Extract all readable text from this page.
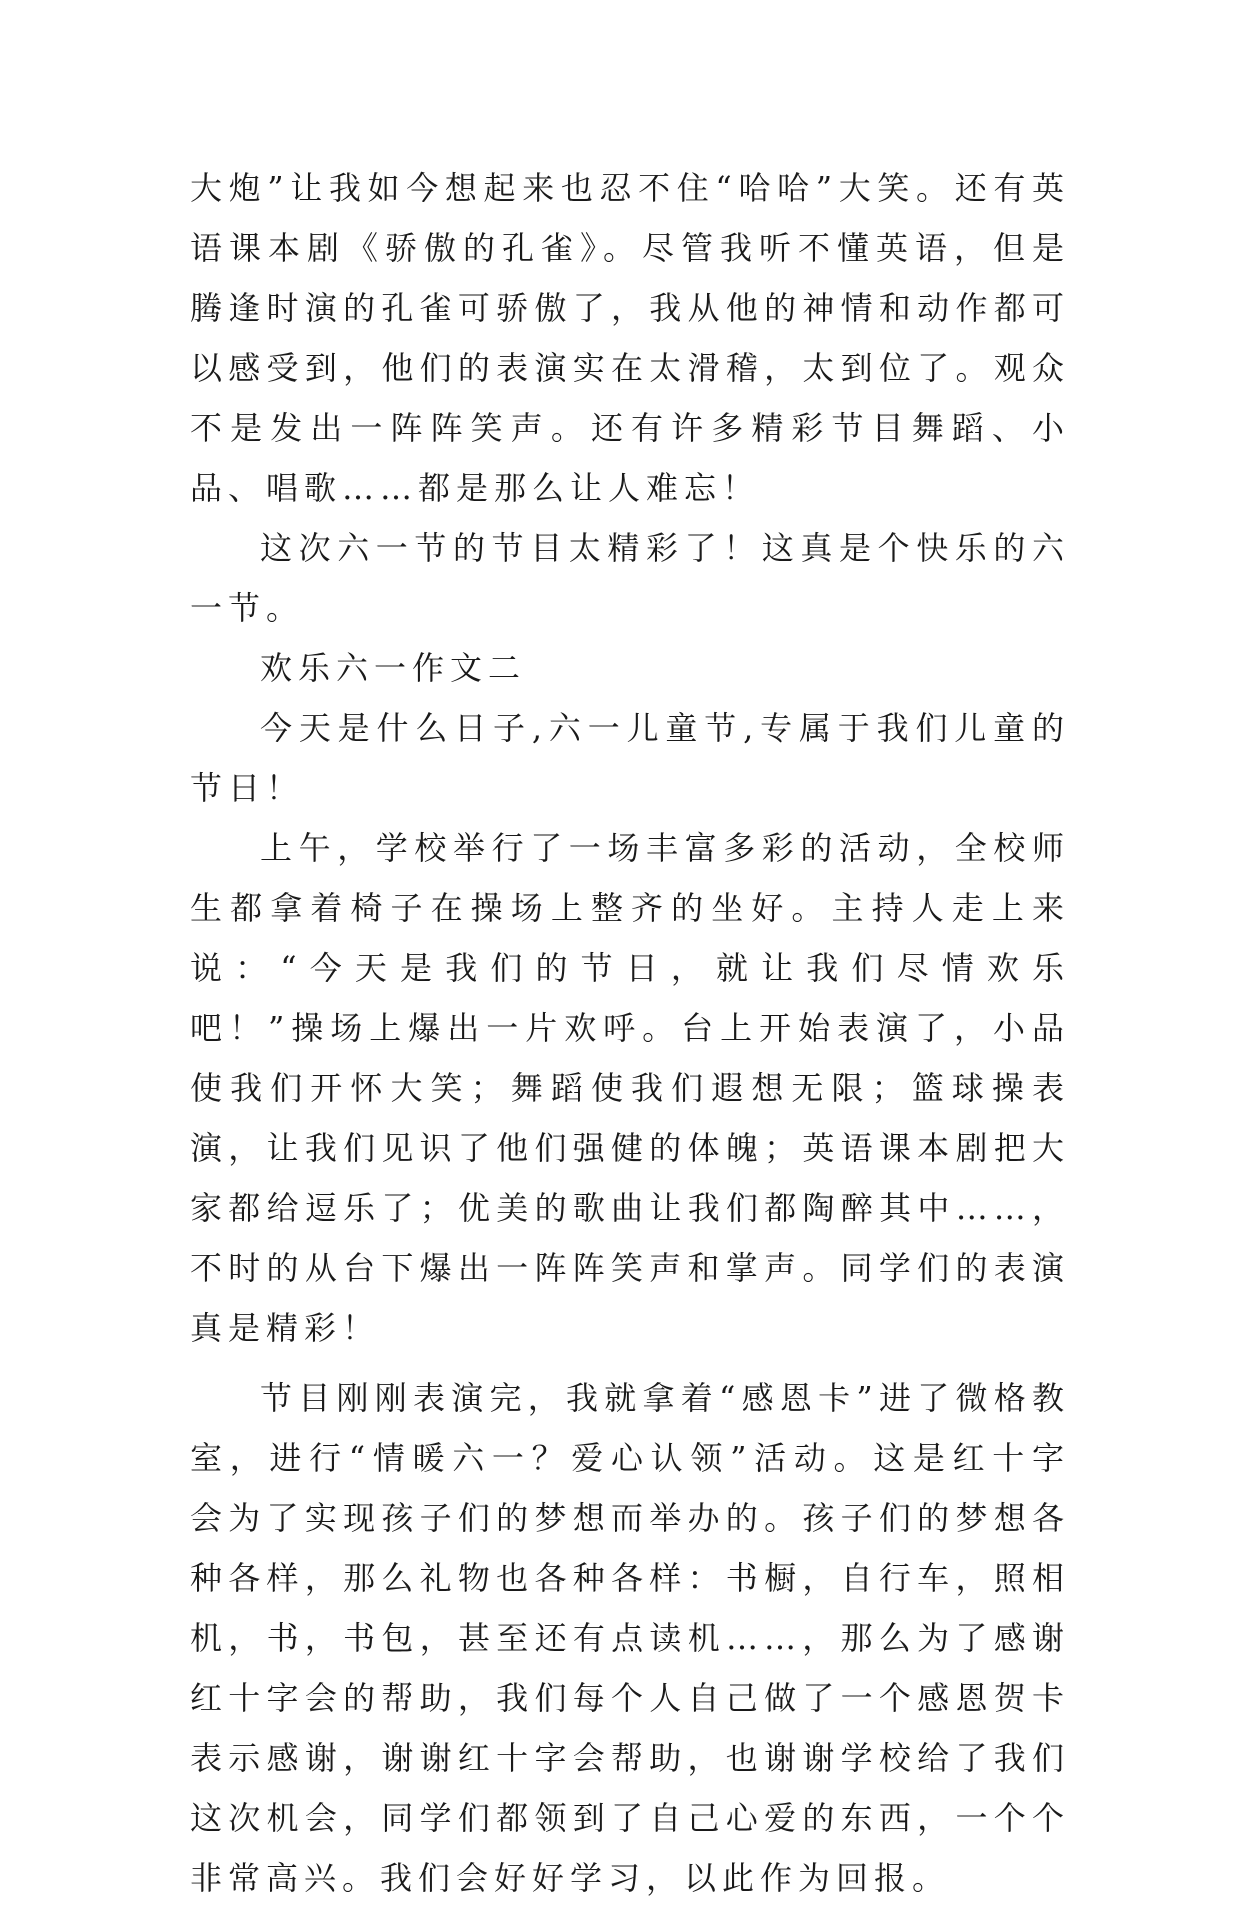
大炮”让我如今想起来也忍不住“哈哈”大笑。还有英语课本剧《骄傲的孔雀》。尽管我听不懂英语，但是腾逢时演的孔雀可骄傲了，我从他的神情和动作都可以感受到，他们的表演实在太滑稽，太到位了。观众不是发出一阵阵笑声。还有许多精彩节目舞蹈、小品、唱歌……都是那么让人难忘！

这次六一节的节目太精彩了！这真是个快乐的六一节。

欢乐六一作文二

今天是什么日子,六一儿童节,专属于我们儿童的节日！

上午，学校举行了一场丰富多彩的活动，全校师生都拿着椅子在操场上整齐的坐好。主持人走上来说：“今天是我们的节日，就让我们尽情欢乐吧！”操场上爆出一片欢呼。台上开始表演了，小品使我们开怀大笑；舞蹈使我们遐想无限；篮球操表演，让我们见识了他们强健的体魄；英语课本剧把大家都给逗乐了；优美的歌曲让我们都陶醉其中……，不时的从台下爆出一阵阵笑声和掌声。同学们的表演真是精彩！

节目刚刚表演完，我就拿着“感恩卡”进了微格教室，进行“情暖六一？爱心认领”活动。这是红十字会为了实现孩子们的梦想而举办的。孩子们的梦想各种各样，那么礼物也各种各样：书橱，自行车，照相机，书，书包，甚至还有点读机……，那么为了感谢红十字会的帮助，我们每个人自己做了一个感恩贺卡表示感谢，谢谢红十字会帮助，也谢谢学校给了我们这次机会，同学们都领到了自己心爱的东西，一个个非常高兴。我们会好好学习，以此作为回报。
